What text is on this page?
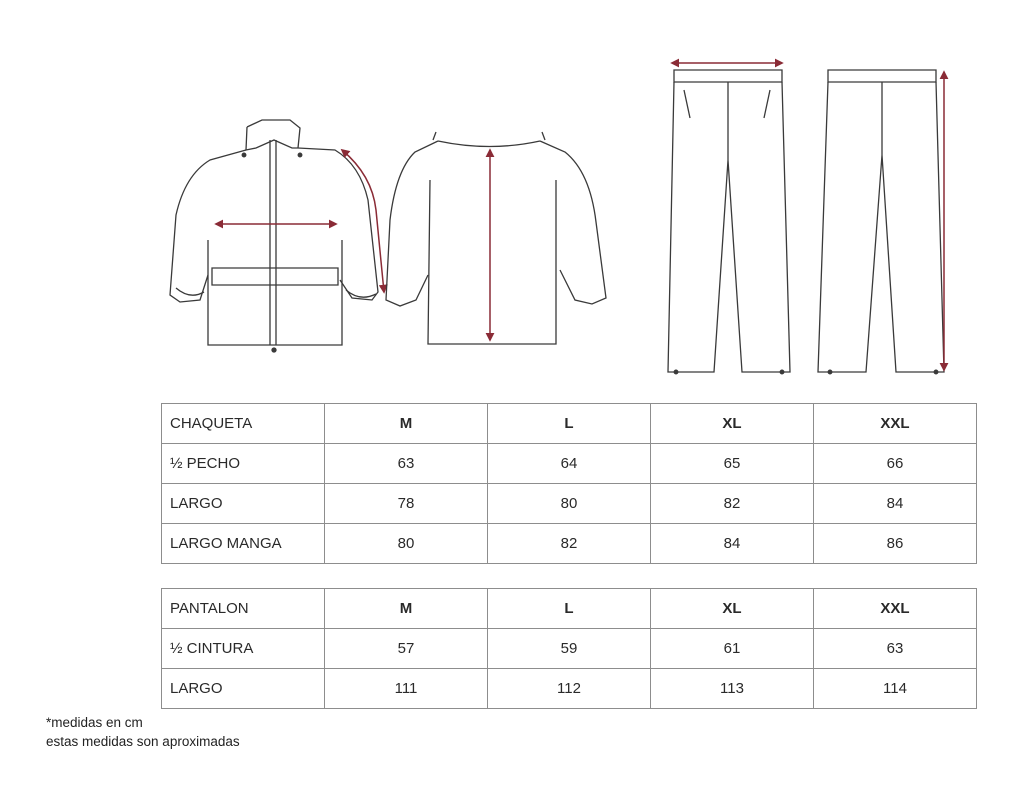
CHAQUETA	M	L	XL	XXL
½ PECHO	63	64	65	66
LARGO	78	80	82	84
LARGO MANGA	80	82	84	86
PANTALON	M	L	XL	XXL
½ CINTURA	57	59	61	63
LARGO	111	112	113	114
*medidas en cm
estas medidas son aproximadas
